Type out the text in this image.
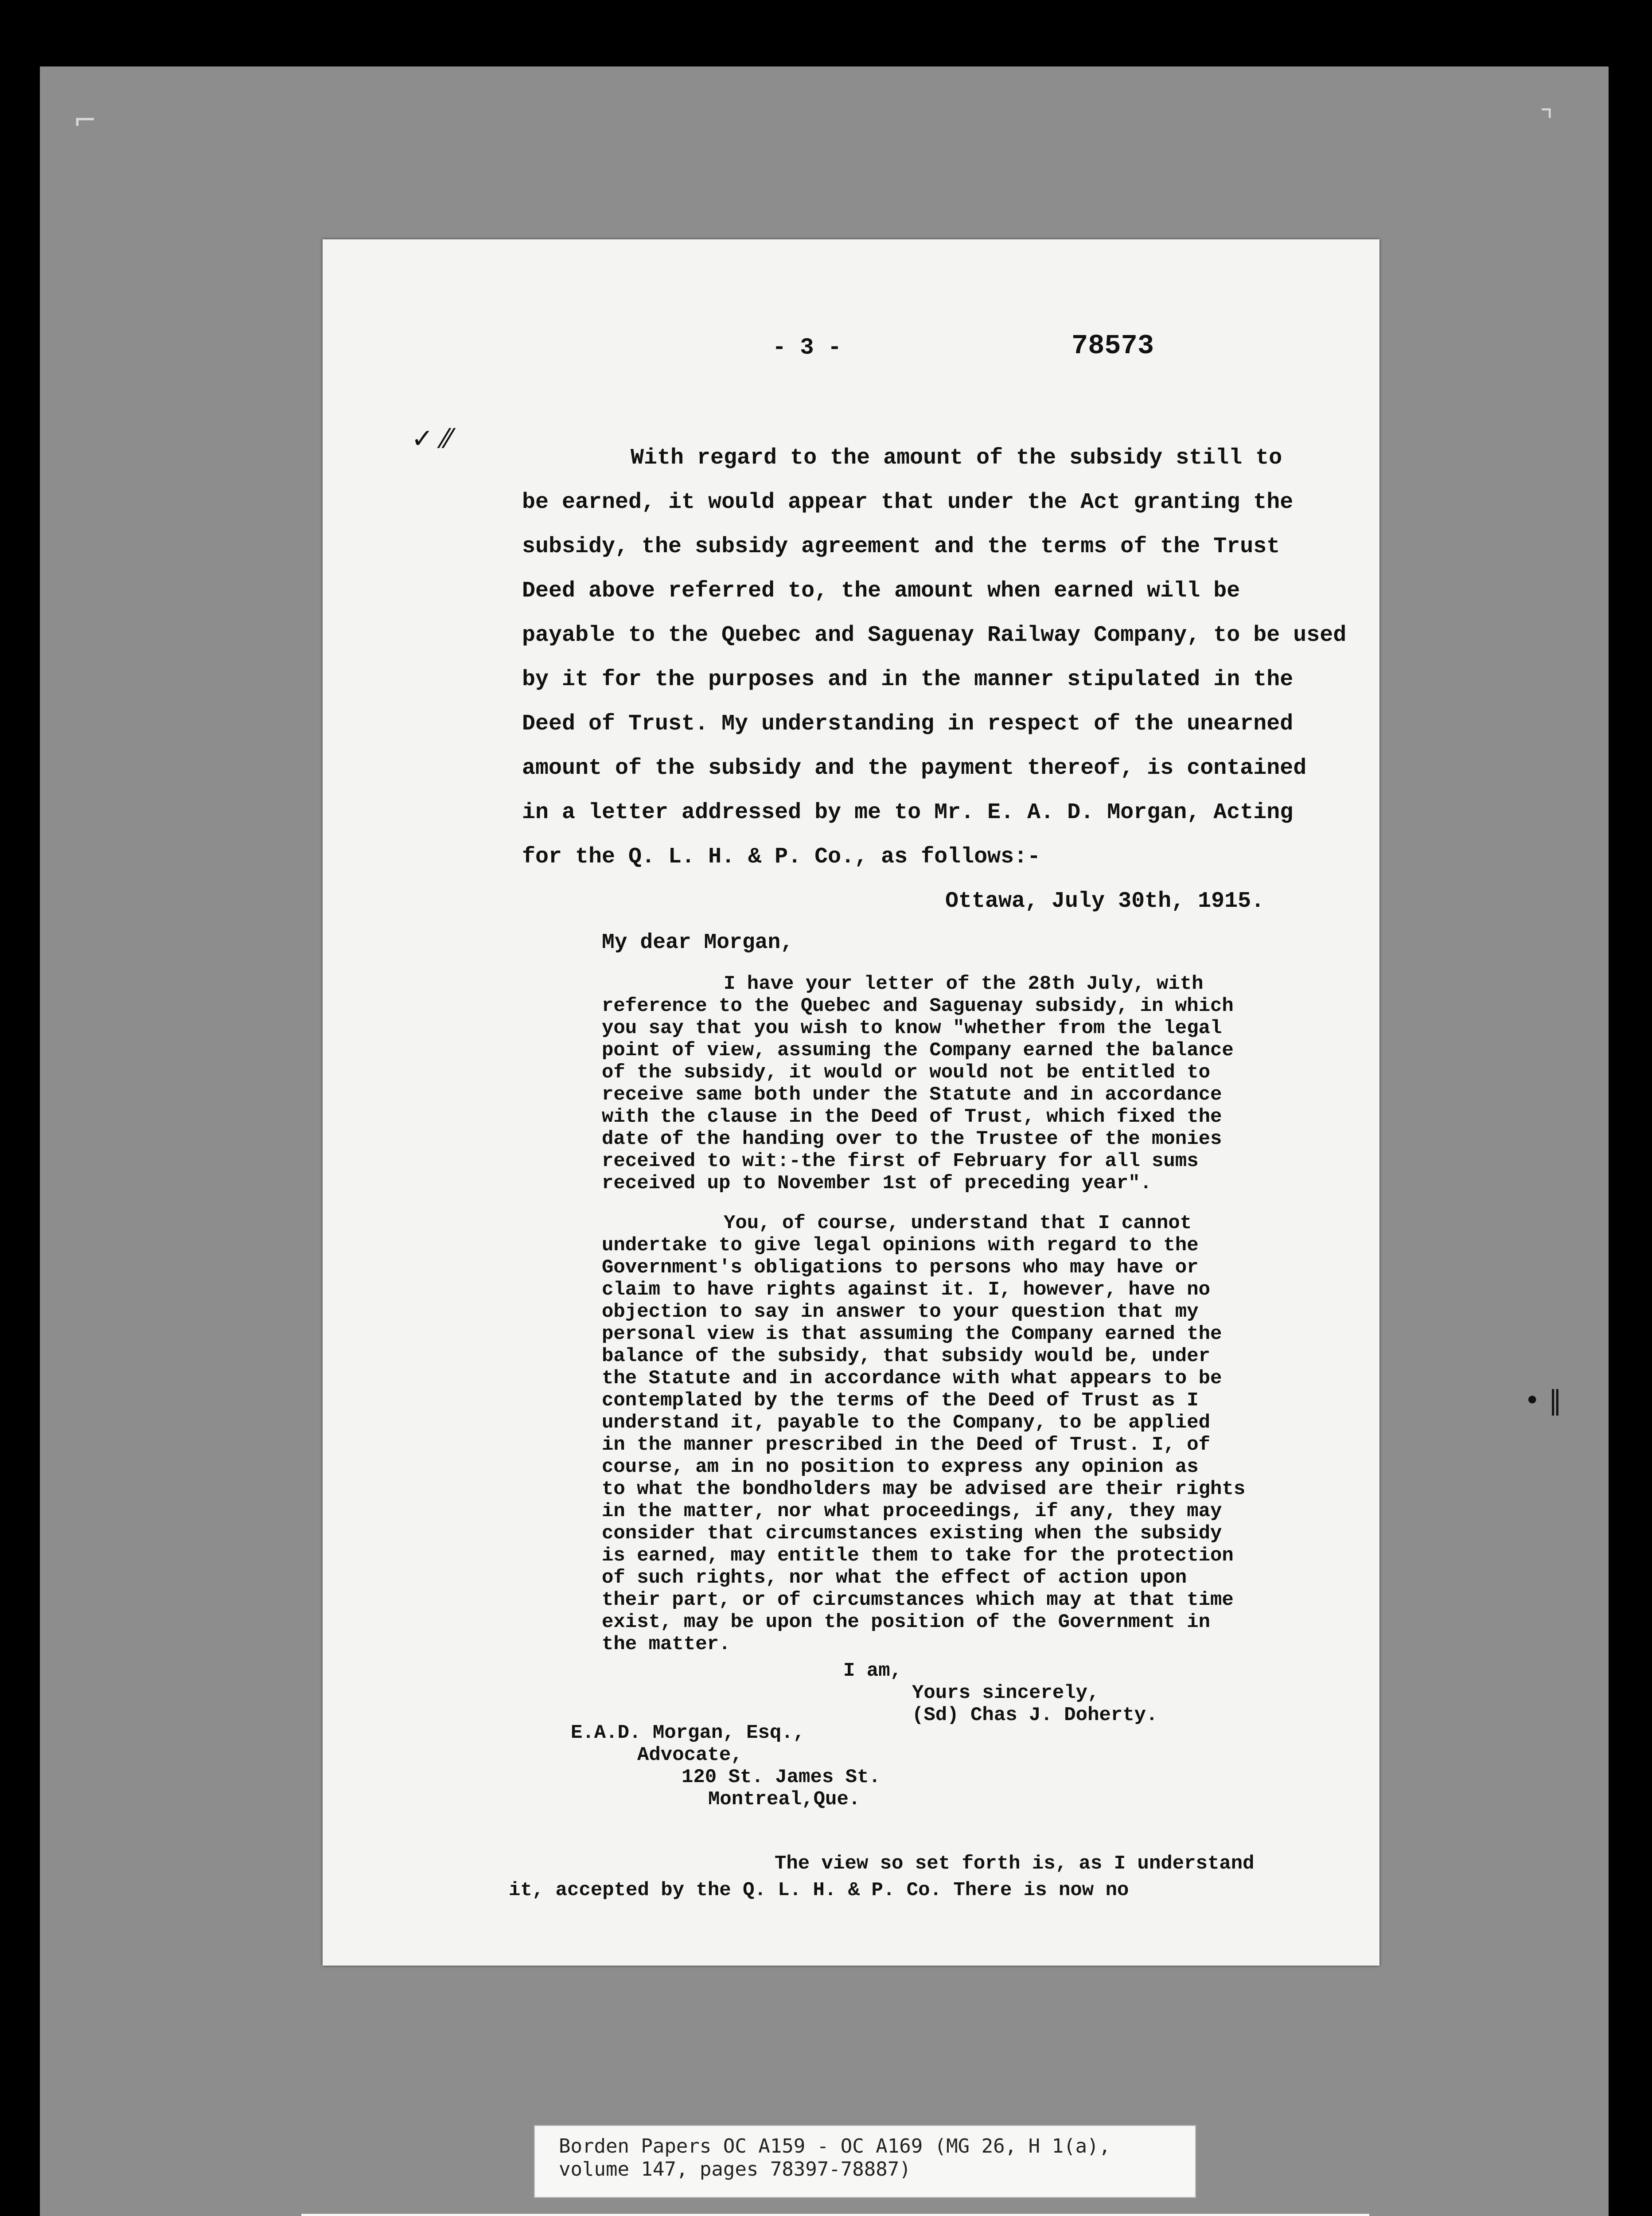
⌐	⌝

- 3 -	78573

✓ ⁄⁄

With regard to the amount of the subsidy still to

be earned, it would appear that under the Act granting the

subsidy, the subsidy agreement and the terms of the Trust

Deed above referred to, the amount when earned will be

payable to the Quebec and Saguenay Railway Company, to be used

by it for the purposes and in the manner stipulated in the

Deed of Trust. My understanding in respect of the unearned

amount of the subsidy and the payment thereof, is contained

in a letter addressed by me to Mr. E. A. D. Morgan, Acting

for the Q. L. H. & P. Co., as follows:-

Ottawa, July 30th, 1915.

My dear Morgan,

I have your letter of the 28th July, with

reference to the Quebec and Saguenay subsidy, in which

you say that you wish to know "whether from the legal

point of view, assuming the Company earned the balance

of the subsidy, it would or would not be entitled to

receive same both under the Statute and in accordance

with the clause in the Deed of Trust, which fixed the

date of the handing over to the Trustee of the monies

received to wit:-the first of February for all sums

received up to November 1st of preceding year".

You, of course, understand that I cannot

undertake to give legal opinions with regard to the

Government's obligations to persons who may have or

claim to have rights against it. I, however, have no

objection to say in answer to your question that my

personal view is that assuming the Company earned the

balance of the subsidy, that subsidy would be, under

the Statute and in accordance with what appears to be

contemplated by the terms of the Deed of Trust as I

understand it, payable to the Company, to be applied

in the manner prescribed in the Deed of Trust. I, of

course, am in no position to express any opinion as

to what the bondholders may be advised are their rights

in the matter, nor what proceedings, if any, they may

consider that circumstances existing when the subsidy

is earned, may entitle them to take for the protection

of such rights, nor what the effect of action upon

their part, or of circumstances which may at that time

exist, may be upon the position of the Government in

the matter.

I am,

Yours sincerely,

(Sd) Chas J. Doherty.

E.A.D. Morgan, Esq.,

Advocate,

120 St. James St.

Montreal,Que.

The view so set forth is, as I understand

it, accepted by the Q. L. H. & P. Co. There is now no

• ‖
Borden Papers OC A159 - OC A169 (MG 26, H 1(a),
volume 147, pages 78397-78887)
